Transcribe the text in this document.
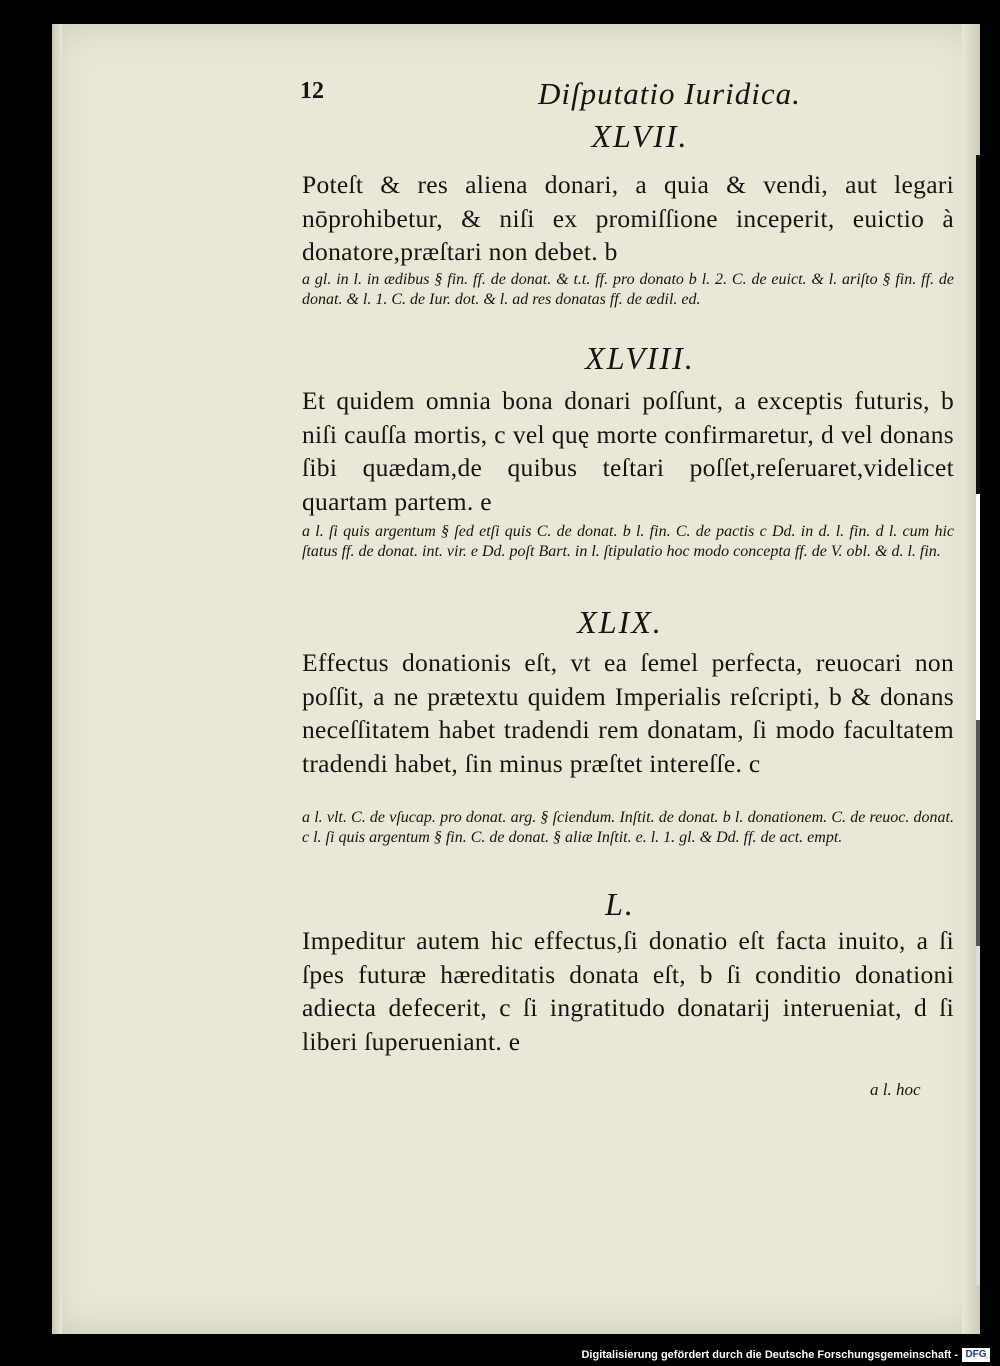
12	Diſputatio Iuridica.
XLVII.
Poteſt & res aliena donari, a quia & vendi, aut legari nōprohibetur, & niſi ex promiſſione inceperit, euictio à donatore,præſtari non debet. b
a gl. in l. in ædibus § fin. ff. de donat. & t.t. ff. pro donato b l. 2. C. de euict. & l. ariſto § fin. ff. de donat. & l. 1. C. de Iur. dot. & l. ad res donatas ff. de ædil. ed.
XLVIII.
Et quidem omnia bona donari poſſunt, a exceptis futuris, b niſi cauſſa mortis, c vel quę morte confirmaretur, d vel donans ſibi quædam,de quibus teſtari poſſet,reſeruaret,videlicet quartam partem. e
a l. ſi quis argentum § ſed etſi quis C. de donat. b l. fin. C. de pactis c Dd. in d. l. fin. d l. cum hic ſtatus ff. de donat. int. vir. e Dd. poſt Bart. in l. ſtipulatio hoc modo concepta ff. de V. obl. & d. l. fin.
XLIX.
Effectus donationis eſt, vt ea ſemel perfecta, reuocari non poſſit, a ne prætextu quidem Imperialis reſcripti, b & donans neceſſitatem habet tradendi rem donatam, ſi modo facultatem tradendi habet, ſin minus præſtet intereſſe. c
a l. vlt. C. de vſucap. pro donat. arg. § ſciendum. Inſtit. de donat. b l. donationem. C. de reuoc. donat. c l. ſi quis argentum § fin. C. de donat. § aliæ Inſtit. e. l. 1. gl. & Dd. ff. de act. empt.
L.
Impeditur autem hic effectus,ſi donatio eſt facta inuito, a ſi ſpes futuræ hæreditatis donata eſt, b ſi conditio donationi adiecta defecerit, c ſi ingratitudo donatarij interueniat, d ſi liberi ſuperueniant. e
a l. hoc
Digitalisierung gefördert durch die Deutsche Forschungsgemeinschaft - DFG
